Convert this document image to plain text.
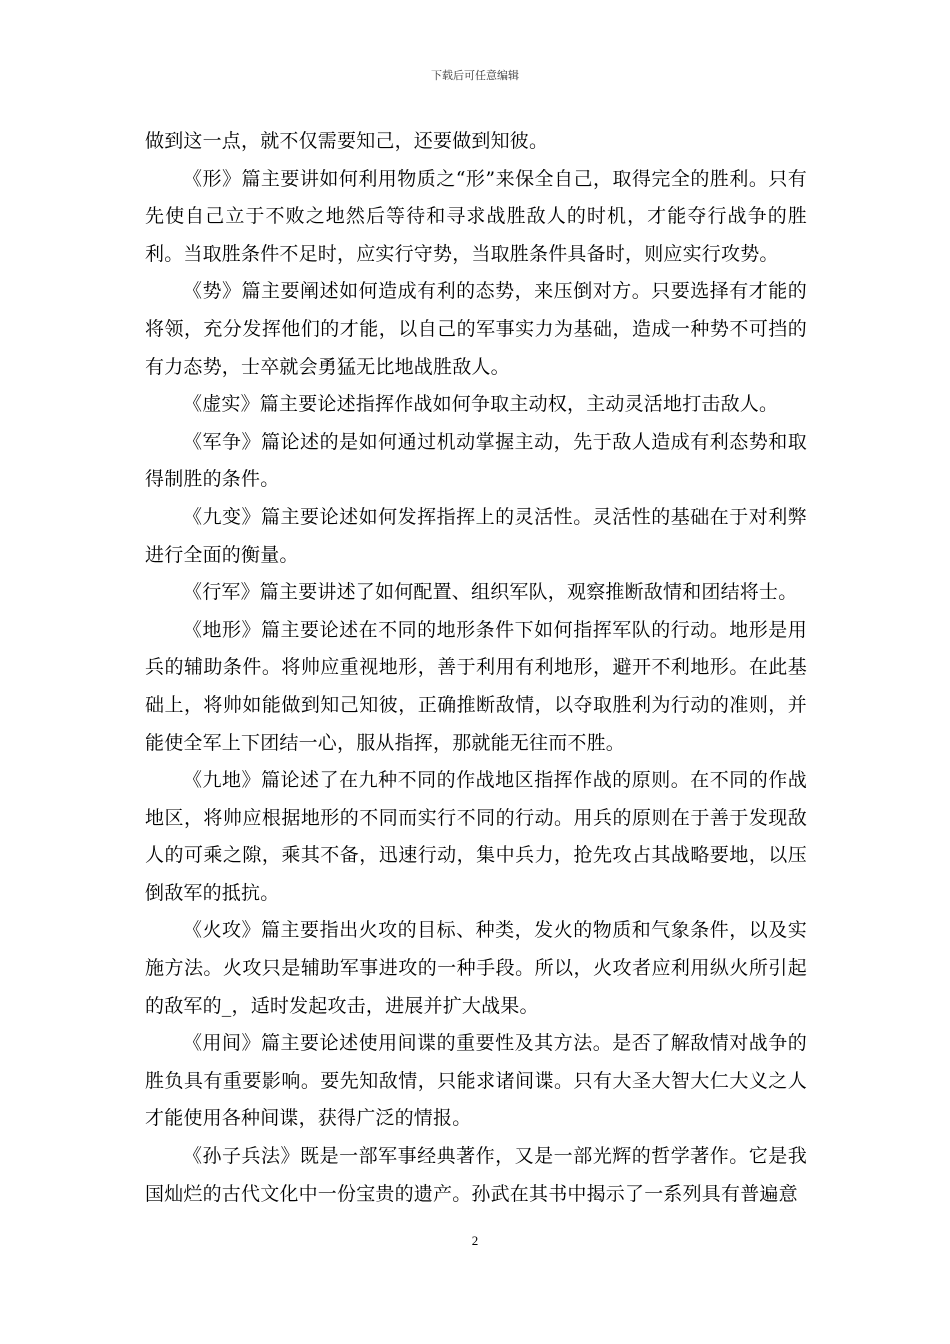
下载后可任意编辑

做到这一点，就不仅需要知己，还要做到知彼。

《形》篇主要讲如何利用物质之“形”来保全自己，取得完全的胜利。只有先使自己立于不败之地然后等待和寻求战胜敌人的时机，才能夺行战争的胜利。当取胜条件不足时，应实行守势，当取胜条件具备时，则应实行攻势。

《势》篇主要阐述如何造成有利的态势，来压倒对方。只要选择有才能的将领，充分发挥他们的才能，以自己的军事实力为基础，造成一种势不可挡的有力态势，士卒就会勇猛无比地战胜敌人。

《虚实》篇主要论述指挥作战如何争取主动权，主动灵活地打击敌人。

《军争》篇论述的是如何通过机动掌握主动，先于敌人造成有利态势和取得制胜的条件。

《九变》篇主要论述如何发挥指挥上的灵活性。灵活性的基础在于对利弊进行全面的衡量。

《行军》篇主要讲述了如何配置、组织军队，观察推断敌情和团结将士。

《地形》篇主要论述在不同的地形条件下如何指挥军队的行动。地形是用兵的辅助条件。将帅应重视地形，善于利用有利地形，避开不利地形。在此基础上，将帅如能做到知己知彼，正确推断敌情，以夺取胜利为行动的准则，并能使全军上下团结一心，服从指挥，那就能无往而不胜。

《九地》篇论述了在九种不同的作战地区指挥作战的原则。在不同的作战地区，将帅应根据地形的不同而实行不同的行动。用兵的原则在于善于发现敌人的可乘之隙，乘其不备，迅速行动，集中兵力，抢先攻占其战略要地，以压倒敌军的抵抗。

《火攻》篇主要指出火攻的目标、种类，发火的物质和气象条件，以及实施方法。火攻只是辅助军事进攻的一种手段。所以，火攻者应利用纵火所引起的敌军的_，适时发起攻击，进展并扩大战果。

《用间》篇主要论述使用间谍的重要性及其方法。是否了解敌情对战争的胜负具有重要影响。要先知敌情，只能求诸间谍。只有大圣大智大仁大义之人才能使用各种间谍，获得广泛的情报。

《孙子兵法》既是一部军事经典著作，又是一部光辉的哲学著作。它是我国灿烂的古代文化中一份宝贵的遗产。孙武在其书中揭示了一系列具有普遍意

2
